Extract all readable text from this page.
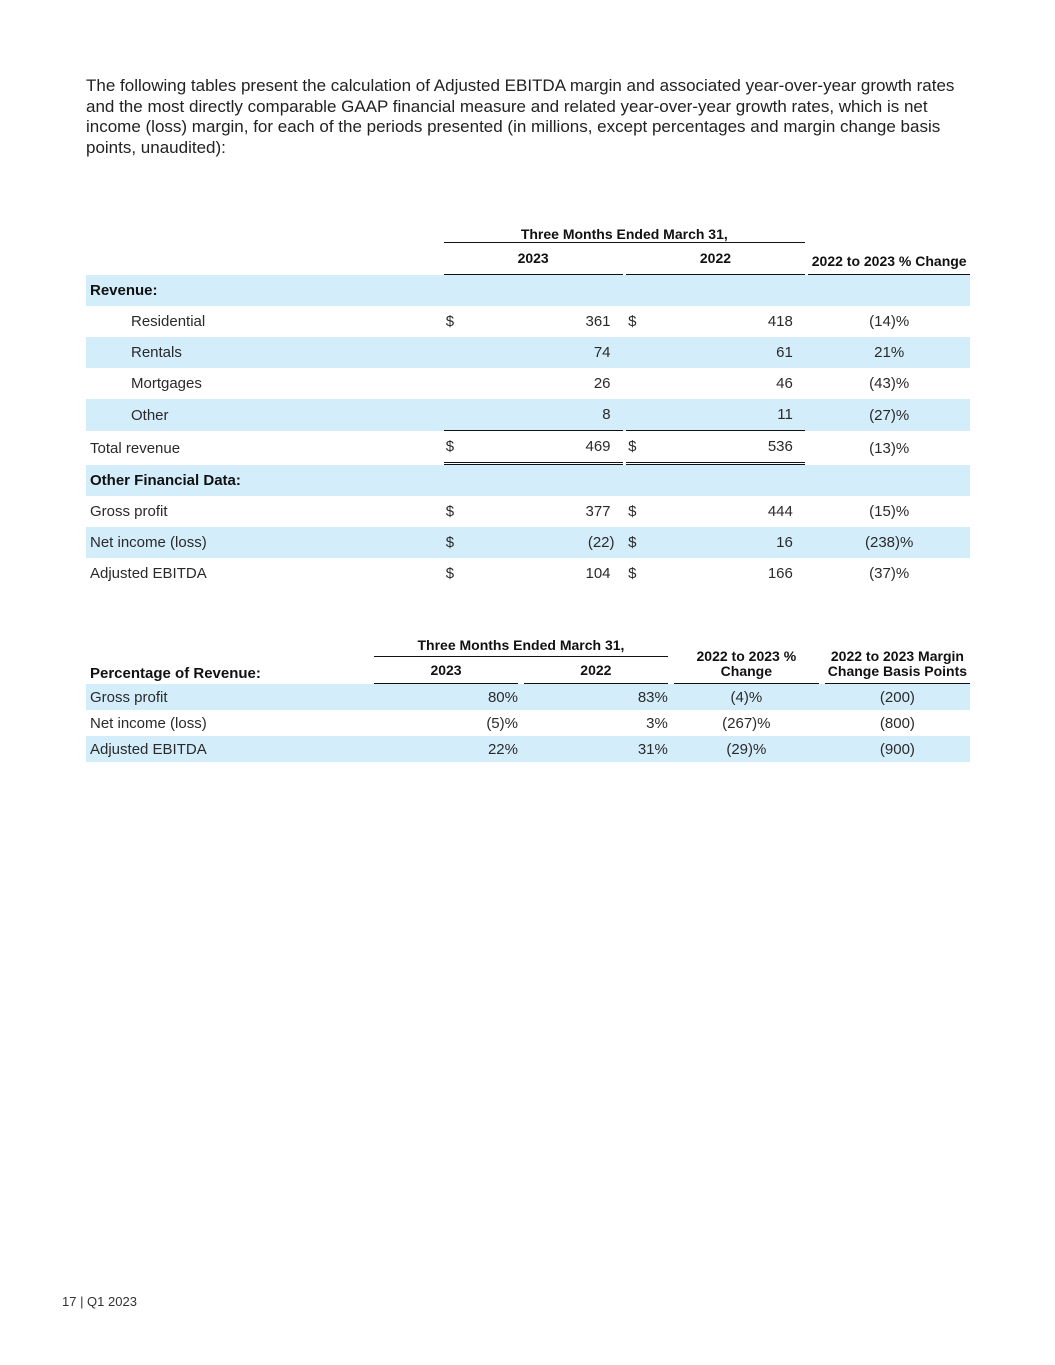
The following tables present the calculation of Adjusted EBITDA margin and associated year-over-year growth rates and the most directly comparable GAAP financial measure and related year-over-year growth rates, which is net income (loss) margin, for each of the periods presented (in millions, except percentages and margin change basis points, unaudited):
		Three Months Ended March 31,						2022 to 2023 % Change
		2023			2022			
Revenue:								
Residential		$	361		$	418		(14)%
Rentals			74			61		21%
Mortgages			26			46		(43)%
Other			8			11		(27)%
Total revenue		$	469		$	536		(13)%
Other Financial Data:								
Gross profit		$	377		$	444		(15)%
Net income (loss)		$	(22)		$	16		(238)%
Adjusted EBITDA		$	104		$	166		(37)%
Percentage of Revenue:		Three Months Ended March 31,				2022 to 2023 % Change		2022 to 2023 Margin Change Basis Points
		2023		2022				
Gross profit		80%		83%		(4)%		(200)
Net income (loss)		(5)%		3%		(267)%		(800)
Adjusted EBITDA		22%		31%		(29)%		(900)
17 | Q1 2023
